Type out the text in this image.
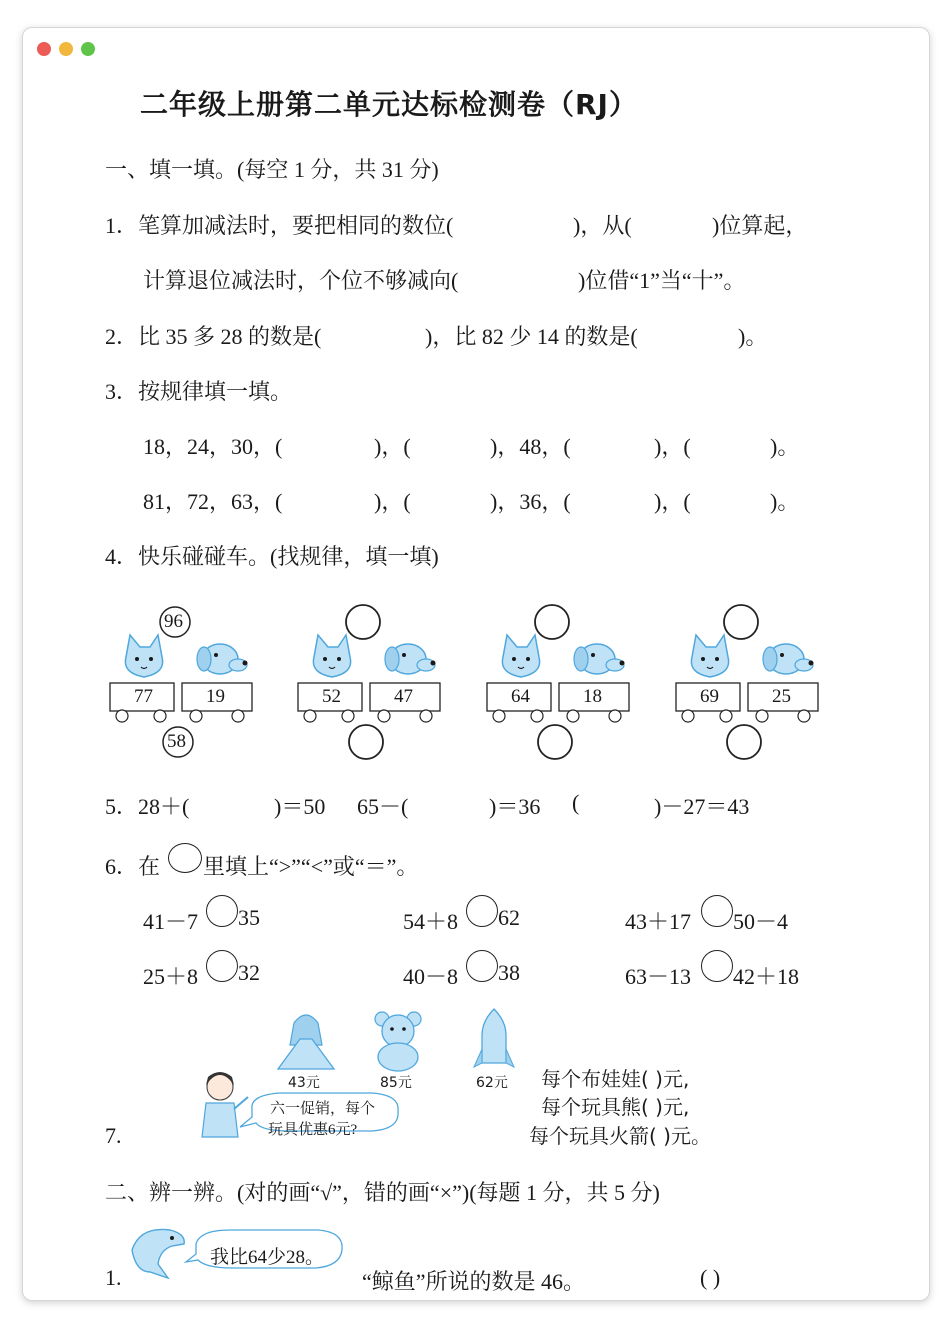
二年级上册第二单元达标检测卷（RJ）
一、填一填。(每空 1 分，共 31 分)
1．笔算加减法时，要把相同的数位(	)，从(	)位算起，
计算退位减法时，个位不够减向(	)位借“1”当“十”。
2．比 35 多 28 的数是(	)，比 82 少 14 的数是(	)。
3．按规律填一填。
18，24，30，(	)，(	)，48，(	)，(	)。
81，72，63，(	)，(	)，36，(	)，(	)。
4．快乐碰碰车。(找规律，填一填)
96
77	19
58
52	47	64	18	69	25
5．28＋(	)＝50 65－(	)＝36 (	)－27＝43
6．在 里填上“>”“<”或“＝”。
41－7 35	54＋8 62	43＋17 50－4
25＋8 32	40－8 38	63－13 42＋18
43元	85元	62元
六一促销，每个
玩具优惠6元?
每个布娃娃( )元,
每个玩具熊( )元,
每个玩具火箭( )元。
7.
二、辨一辨。(对的画“√”，错的画“×”)(每题 1 分，共 5 分)
我比64少28。
1.	“鲸鱼”所说的数是 46。	( )
